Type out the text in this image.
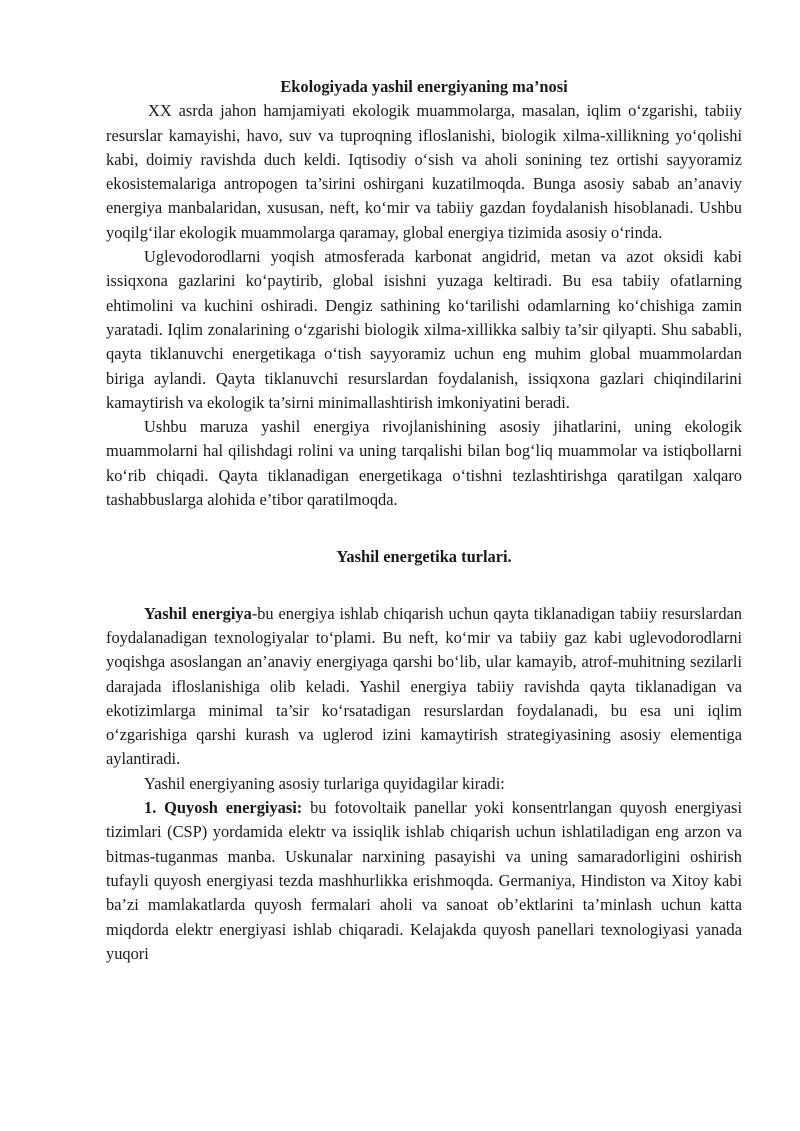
Ekologiyada yashil energiyaning ma’nosi

XX asrda jahon hamjamiyati ekologik muammolarga, masalan, iqlim o‘zgarishi, tabiiy resurslar kamayishi, havo, suv va tuproqning ifloslanishi, biologik xilma-xillikning yo‘qolishi kabi, doimiy ravishda duch keldi. Iqtisodiy o‘sish va aholi sonining tez ortishi sayyoramiz ekosistemalariga antropogen ta’sirini oshirgani kuzatilmoqda. Bunga asosiy sabab an’anaviy energiya manbalaridan, xususan, neft, ko‘mir va tabiiy gazdan foydalanish hisoblanadi. Ushbu yoqilg‘ilar ekologik muammolarga qaramay, global energiya tizimida asosiy o‘rinda.

Uglevodorodlarni yoqish atmosferada karbonat angidrid, metan va azot oksidi kabi issiqxona gazlarini ko‘paytirib, global isishni yuzaga keltiradi. Bu esa tabiiy ofatlarning ehtimolini va kuchini oshiradi. Dengiz sathining ko‘tarilishi odamlarning ko‘chishiga zamin yaratadi. Iqlim zonalarining o‘zgarishi biologik xilma-xillikka salbiy ta’sir qilyapti. Shu sababli, qayta tiklanuvchi energetikaga o‘tish sayyoramiz uchun eng muhim global muammolardan biriga aylandi. Qayta tiklanuvchi resurslardan foydalanish, issiqxona gazlari chiqindilarini kamaytirish va ekologik ta’sirni minimallashtirish imkoniyatini beradi.

Ushbu maruza yashil energiya rivojlanishining asosiy jihatlarini, uning ekologik muammolarni hal qilishdagi rolini va uning tarqalishi bilan bog‘liq muammolar va istiqbollarni ko‘rib chiqadi. Qayta tiklanadigan energetikaga o‘tishni tezlashtirishga qaratilgan xalqaro tashabbuslarga alohida e’tibor qaratilmoqda.

Yashil energetika turlari.

Yashil energiya-bu energiya ishlab chiqarish uchun qayta tiklanadigan tabiiy resurslardan foydalanadigan texnologiyalar to‘plami. Bu neft, ko‘mir va tabiiy gaz kabi uglevodorodlarni yoqishga asoslangan an’anaviy energiyaga qarshi bo‘lib, ular kamayib, atrof-muhitning sezilarli darajada ifloslanishiga olib keladi. Yashil energiya tabiiy ravishda qayta tiklanadigan va ekotizimlarga minimal ta’sir ko‘rsatadigan resurslardan foydalanadi, bu esa uni iqlim o‘zgarishiga qarshi kurash va uglerod izini kamaytirish strategiyasining asosiy elementiga aylantiradi.

Yashil energiyaning asosiy turlariga quyidagilar kiradi:

1. Quyosh energiyasi: bu fotovoltaik panellar yoki konsentrlangan quyosh energiyasi tizimlari (CSP) yordamida elektr va issiqlik ishlab chiqarish uchun ishlatiladigan eng arzon va bitmas-tuganmas manba. Uskunalar narxining pasayishi va uning samaradorligini oshirish tufayli quyosh energiyasi tezda mashhurlikka erishmoqda. Germaniya, Hindiston va Xitoy kabi ba’zi mamlakatlarda quyosh fermalari aholi va sanoat ob’ektlarini ta’minlash uchun katta miqdorda elektr energiyasi ishlab chiqaradi. Kelajakda quyosh panellari texnologiyasi yanada yuqori
